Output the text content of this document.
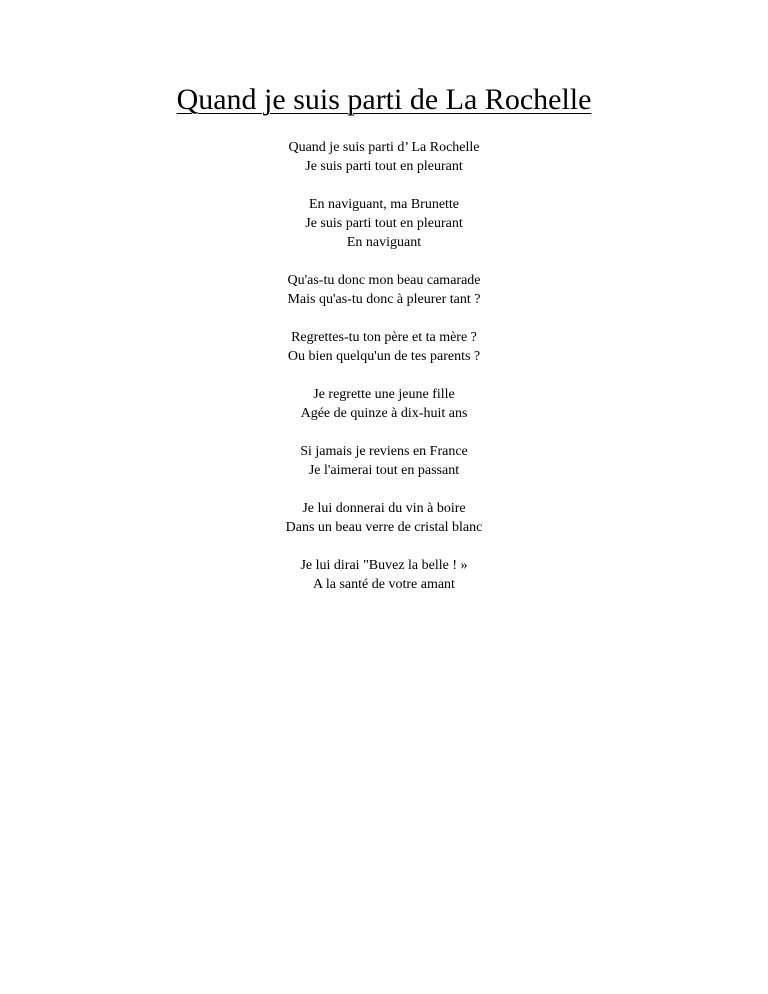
Quand je suis parti de La Rochelle
Quand je suis parti d’ La Rochelle
Je suis parti tout en pleurant
En naviguant, ma Brunette
Je suis parti tout en pleurant
En naviguant
Qu'as-tu donc mon beau camarade
Mais qu'as-tu donc à pleurer tant ?
Regrettes-tu ton père et ta mère ?
Ou bien quelqu'un de tes parents ?
Je regrette une jeune fille
Agée de quinze à dix-huit ans
Si jamais je reviens en France
Je l'aimerai tout en passant
Je lui donnerai du vin à boire
Dans un beau verre de cristal blanc
Je lui dirai "Buvez la belle ! »
A la santé de votre amant
